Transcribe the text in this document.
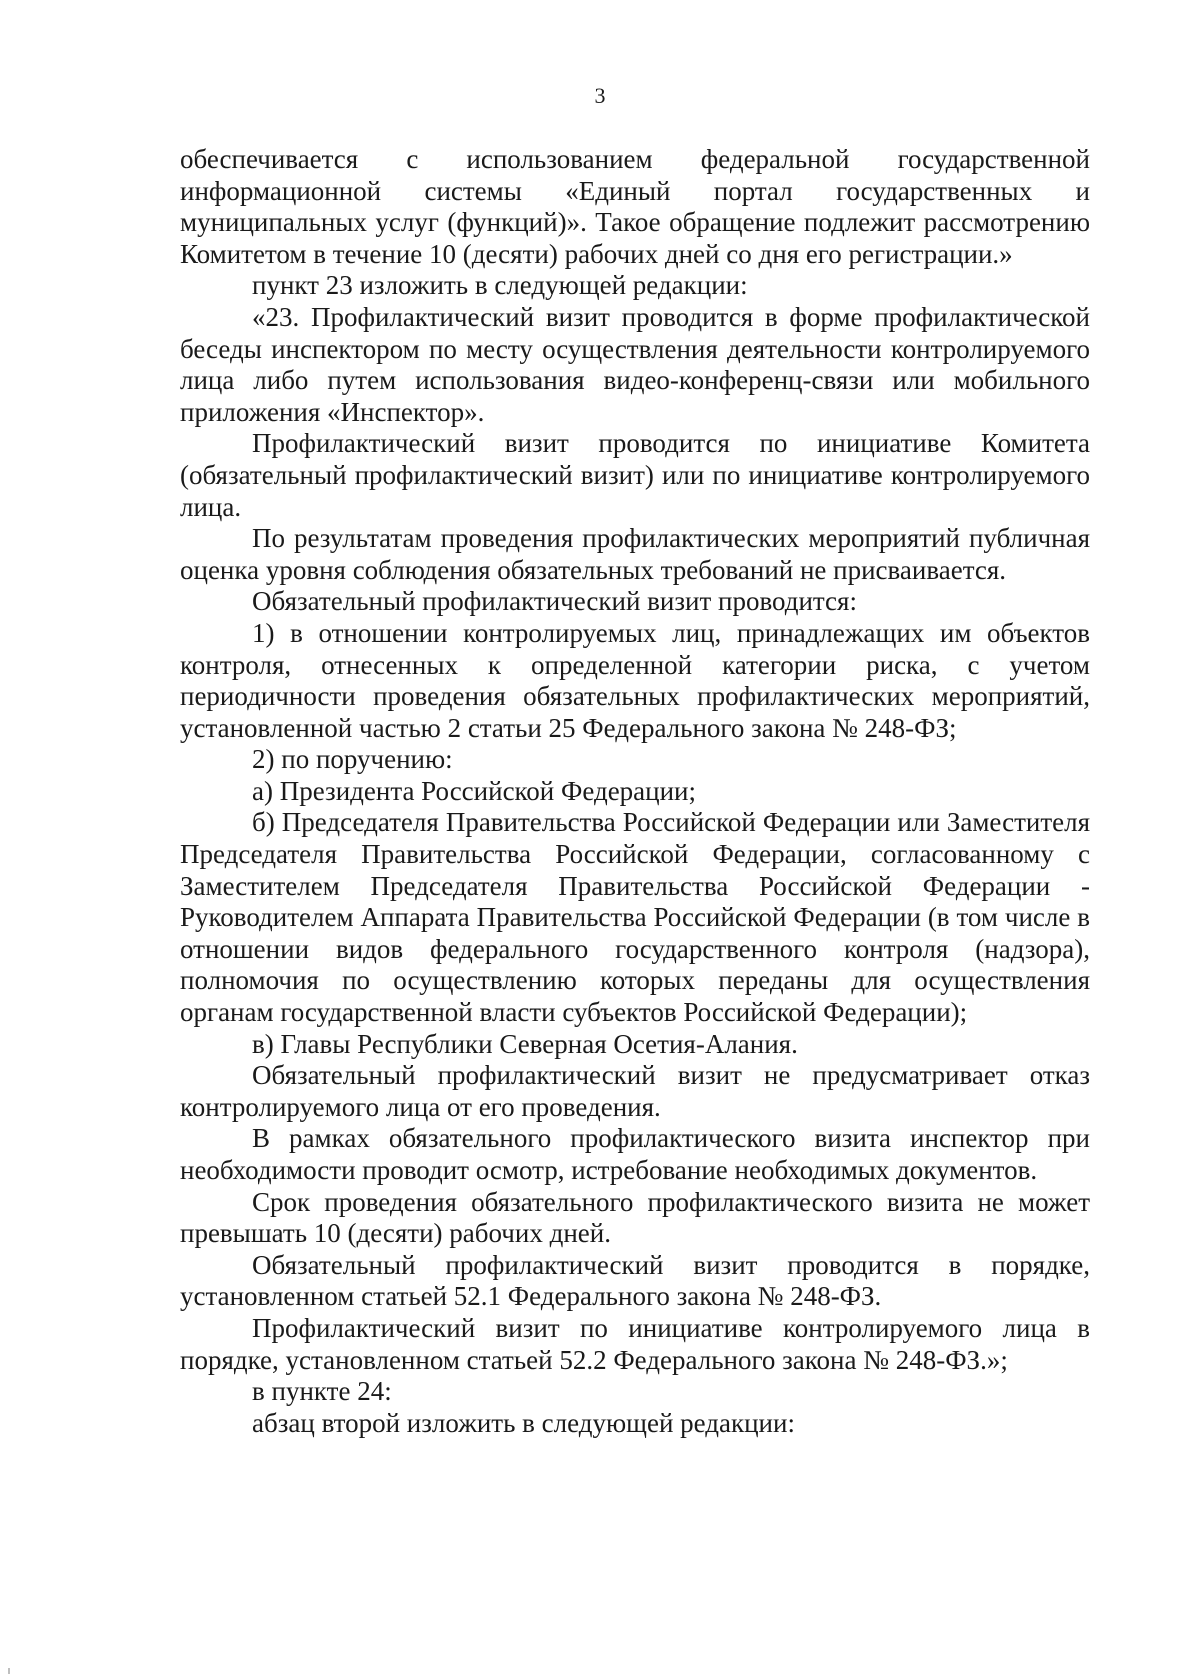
3

обеспечивается с использованием федеральной государственной информационной системы «Единый портал государственных и муниципальных услуг (функций)». Такое обращение подлежит рассмотрению Комитетом в течение 10 (десяти) рабочих дней со дня его регистрации.»

пункт 23 изложить в следующей редакции:

«23. Профилактический визит проводится в форме профилактической беседы инспектором по месту осуществления деятельности контролируемого лица либо путем использования видео-конференц-связи или мобильного приложения «Инспектор».

Профилактический визит проводится по инициативе Комитета (обязательный профилактический визит) или по инициативе контролируемого лица.

По результатам проведения профилактических мероприятий публичная оценка уровня соблюдения обязательных требований не присваивается.

Обязательный профилактический визит проводится:

1) в отношении контролируемых лиц, принадлежащих им объектов контроля, отнесенных к определенной категории риска, с учетом периодичности проведения обязательных профилактических мероприятий, установленной частью 2 статьи 25 Федерального закона № 248-ФЗ;

2) по поручению:

а) Президента Российской Федерации;

б) Председателя Правительства Российской Федерации или Заместителя Председателя Правительства Российской Федерации, согласованному с Заместителем Председателя Правительства Российской Федерации - Руководителем Аппарата Правительства Российской Федерации (в том числе в отношении видов федерального государственного контроля (надзора), полномочия по осуществлению которых переданы для осуществления органам государственной власти субъектов Российской Федерации);

в) Главы Республики Северная Осетия-Алания.

Обязательный профилактический визит не предусматривает отказ контролируемого лица от его проведения.

В рамках обязательного профилактического визита инспектор при необходимости проводит осмотр, истребование необходимых документов.

Срок проведения обязательного профилактического визита не может превышать 10 (десяти) рабочих дней.

Обязательный профилактический визит проводится в порядке, установленном статьей 52.1 Федерального закона № 248-ФЗ.

Профилактический визит по инициативе контролируемого лица в порядке, установленном статьей 52.2 Федерального закона № 248-ФЗ.»;

в пункте 24:

абзац второй изложить в следующей редакции:
